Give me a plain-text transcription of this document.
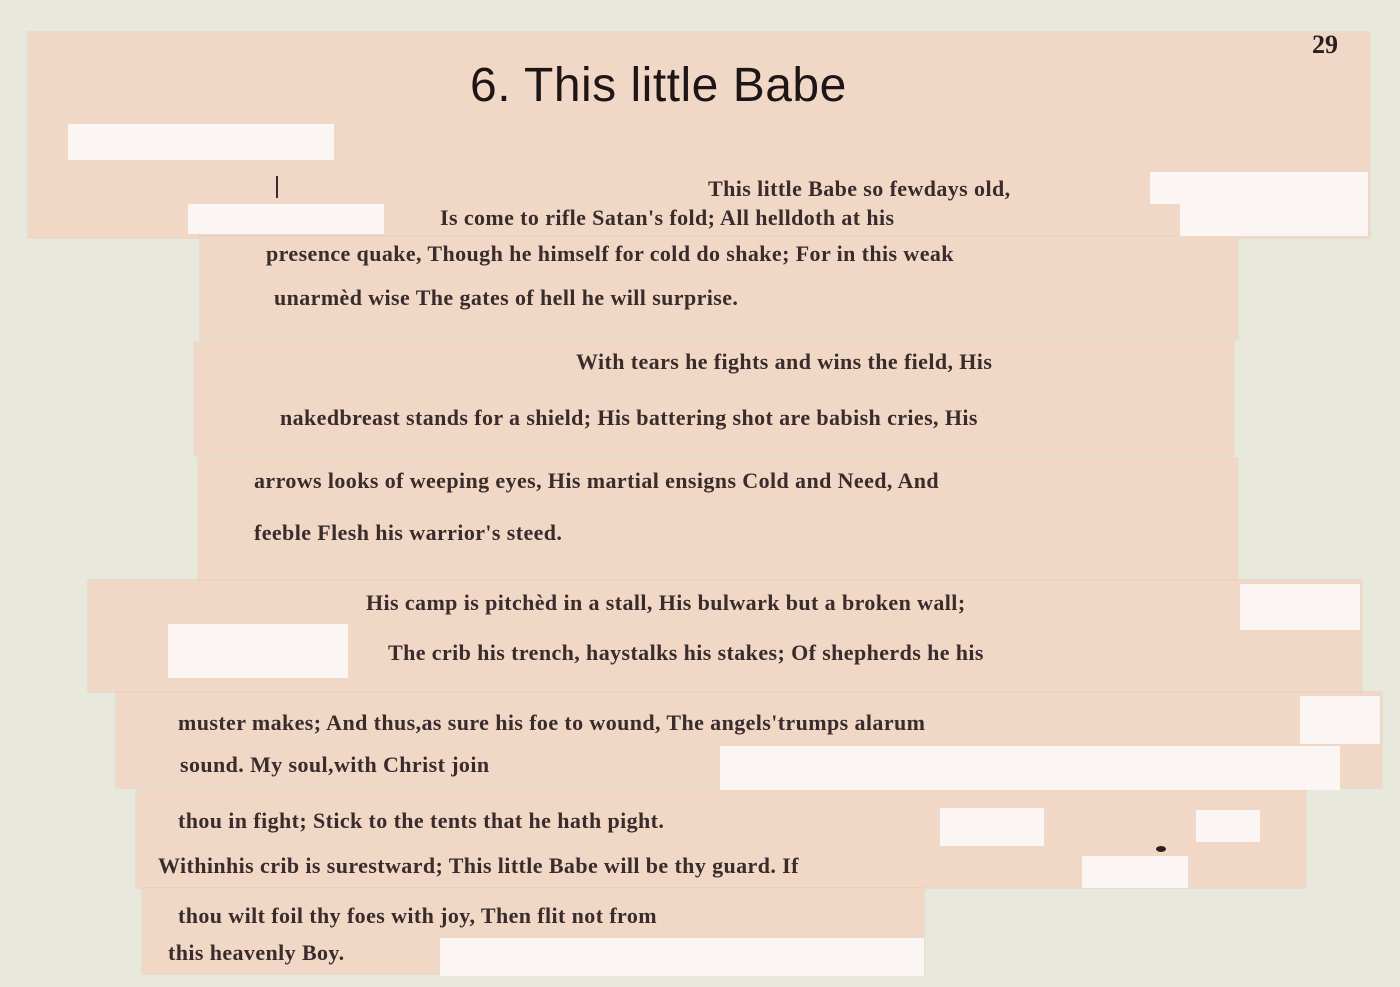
29
6. This little Babe
This little Babe so fewdays old,
Is come to rifle Satan's fold; All helldoth at his
presence quake, Though he himself for cold do shake; For in this weak
unarmèd wise The gates of hell he will surprise.
With tears he fights and wins the field, His
nakedbreast stands for a shield; His battering shot are babish cries, His
arrows looks of weeping eyes, His martial ensigns Cold and Need, And
feeble Flesh his warrior's steed.
His camp is pitchèd in a stall, His bulwark but a broken wall;
The crib his trench, haystalks his stakes; Of shepherds he his
muster makes; And thus,as sure his foe to wound, The angels'trumps alarum
sound. My soul,with Christ join
thou in fight; Stick to the tents that he hath pight.
Withinhis crib is surestward; This little Babe will be thy guard. If
thou wilt foil thy foes with joy, Then flit not from
this heavenly Boy.
